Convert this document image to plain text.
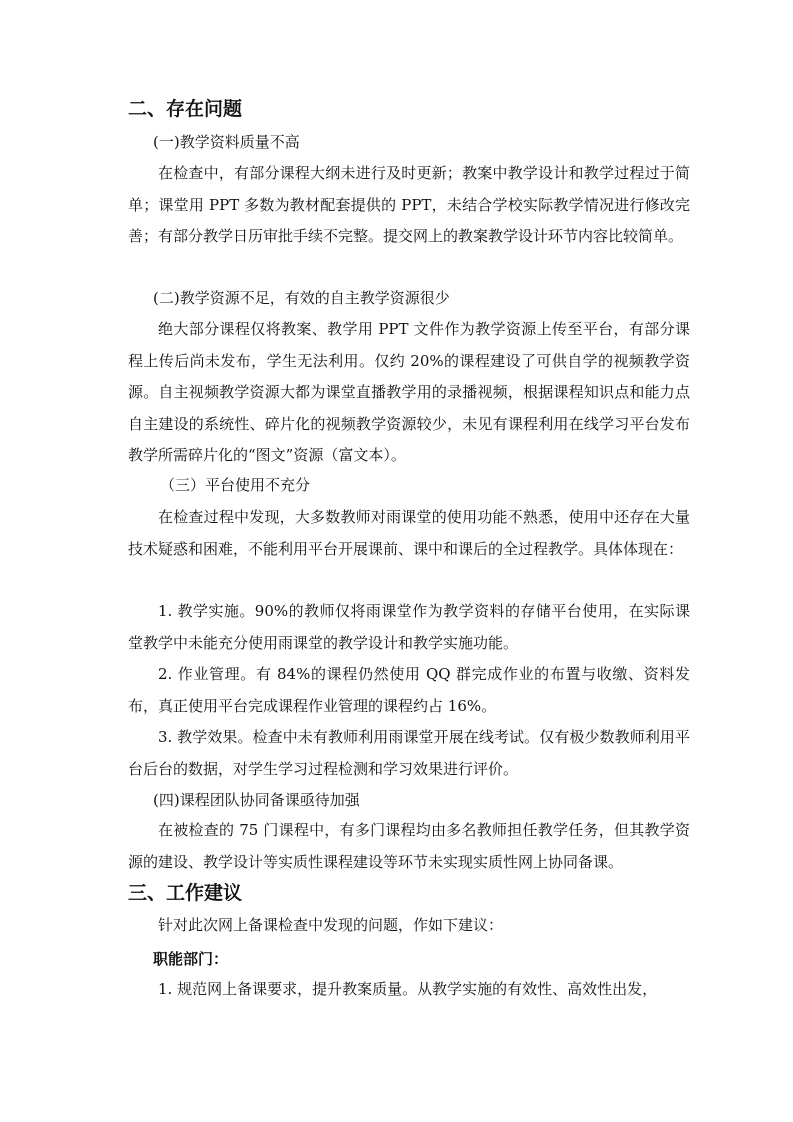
二、存在问题
(一)教学资料质量不高

在检查中，有部分课程大纲未进行及时更新；教案中教学设计和教学过程过于简单；课堂用 PPT 多数为教材配套提供的 PPT，未结合学校实际教学情况进行修改完善；有部分教学日历审批手续不完整。提交网上的教案教学设计环节内容比较简单。

(二)教学资源不足，有效的自主教学资源很少

绝大部分课程仅将教案、教学用 PPT 文件作为教学资源上传至平台，有部分课程上传后尚未发布，学生无法利用。仅约 20%的课程建设了可供自学的视频教学资源。自主视频教学资源大都为课堂直播教学用的录播视频，根据课程知识点和能力点自主建设的系统性、碎片化的视频教学资源较少，未见有课程利用在线学习平台发布教学所需碎片化的“图文”资源（富文本）。

（三）平台使用不充分

在检查过程中发现，大多数教师对雨课堂的使用功能不熟悉，使用中还存在大量技术疑惑和困难，不能利用平台开展课前、课中和课后的全过程教学。具体体现在：

1. 教学实施。90%的教师仅将雨课堂作为教学资料的存储平台使用，在实际课堂教学中未能充分使用雨课堂的教学设计和教学实施功能。

2. 作业管理。有 84%的课程仍然使用 QQ 群完成作业的布置与收缴、资料发布，真正使用平台完成课程作业管理的课程约占 16%。

3. 教学效果。检查中未有教师利用雨课堂开展在线考试。仅有极少数教师利用平台后台的数据，对学生学习过程检测和学习效果进行评价。

(四)课程团队协同备课亟待加强

在被检查的 75 门课程中，有多门课程均由多名教师担任教学任务，但其教学资源的建设、教学设计等实质性课程建设等环节未实现实质性网上协同备课。

三、工作建议

针对此次网上备课检查中发现的问题，作如下建议：

职能部门：

1. 规范网上备课要求，提升教案质量。从教学实施的有效性、高效性出发，
